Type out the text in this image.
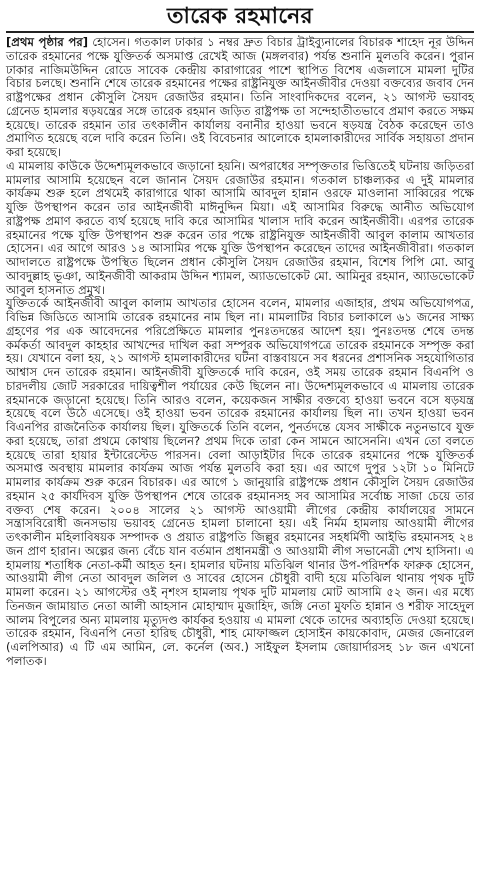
তারেক রহমানের

[প্রথম পৃষ্ঠার পর] হোসেন। গতকাল ঢাকার ১ নম্বর দ্রুত বিচার ট্রাইব্যুনালের বিচারক শাহেদ নূর উদ্দিন তারেক রহমানের পক্ষে যুক্তিতর্ক অসমাপ্ত রেখেই আজ (মঙ্গলবার) পর্যন্ত শুনানি মুলতবি করেন। পুরান ঢাকার নাজিমউদ্দিন রোডে সাবেক কেন্দ্রীয় কারাগারের পাশে স্থাপিত বিশেষ এজলাসে মামলা দুটির বিচার চলছে। শুনানি শেষে তারেক রহমানের পক্ষের রাষ্ট্রনিযুক্ত আইনজীবীর দেওয়া বক্তব্যের জবাব দেন রাষ্ট্রপক্ষের প্রধান কৌসুলি সৈয়দ রেজাউর রহমান। তিনি সাংবাদিকদের বলেন, ২১ আগস্ট ভয়াবহ গ্রেনেড হামলার ষড়যন্ত্রের সঙ্গে তারেক রহমান জড়িত রাষ্ট্রপক্ষ তা সন্দেহাতীতভাবে প্রমাণ করতে সক্ষম হয়েছে। তারেক রহমান তার তৎকালীন কার্যালয় বনানীর হাওয়া ভবনে ষড়যন্ত্র বৈঠক করেছেন তাও প্রমাণিত হয়েছে বলে দাবি করেন তিনি। ওই বিবেচনার আলোকে হামলাকারীদের সার্বিক সহায়তা প্রদান করা হয়েছে।

এ মামলায় কাউকে উদ্দেশ্যমূলকভাবে জড়ানো হয়নি। অপরাধের সম্পৃক্ততার ভিত্তিতেই ঘটনায় জড়িতরা মামলার আসামি হয়েছেন বলে জানান সৈয়দ রেজাউর রহমান। গতকাল চাঞ্চল্যকর এ দুই মামলার কার্যক্রম শুরু হলে প্রথমেই কারাগারে থাকা আসামি আবদুল হান্নান ওরফে মাওলানা সাব্বিরের পক্ষে যুক্তি উপস্থাপন করেন তার আইনজীবী মাঈনুদ্দিন মিয়া। এই আসামির বিরুদ্ধে আনীত অভিযোগ রাষ্ট্রপক্ষ প্রমাণ করতে ব্যর্থ হয়েছে দাবি করে আসামির খালাস দাবি করেন আইনজীবী। এরপর তারেক রহমানের পক্ষে যুক্তি উপস্থাপন শুরু করেন তার পক্ষে রাষ্ট্রনিযুক্ত আইনজীবী আবুল কালাম আখতার হোসেন। এর আগে আরও ১৪ আসামির পক্ষে যুক্তি উপস্থাপন করেছেন তাদের আইনজীবীরা। গতকাল আদালতে রাষ্ট্রপক্ষে উপস্থিত ছিলেন প্রধান কৌসুলি সৈয়দ রেজাউর রহমান, বিশেষ পিপি মো. আবু আবদুল্লাহ ভূঞা, আইনজীবী আকরাম উদ্দিন শ্যামল, অ্যাডভোকেট মো. আমিনুর রহমান, অ্যাডভোকেট আবুল হাসনাত প্রমুখ।

যুক্তিতর্কে আইনজীবী আবুল কালাম আখতার হোসেন বলেন, মামলার এজাহার, প্রথম অভিযোগপত্র, বিভিন্ন জিডিতে আসামি তারেক রহমানের নাম ছিল না। মামলাটির বিচার চলাকালে ৬১ জনের সাক্ষ্য গ্রহণের পর এক আবেদনের পরিপ্রেক্ষিতে মামলার পুনঃতদন্তের আদেশ হয়। পুনঃতদন্ত শেষে তদন্ত কর্মকর্তা আবদুল কাহহার আখন্দের দাখিল করা সম্পূরক অভিযোগপত্রে তারেক রহমানকে সম্পৃক্ত করা হয়। যেখানে বলা হয়, ২১ আগস্ট হামলাকারীদের ঘটনা বাস্তবায়নে সব ধরনের প্রশাসনিক সহযোগিতার আশ্বাস দেন তারেক রহমান। আইনজীবী যুক্তিতর্কে দাবি করেন, ওই সময় তারেক রহমান বিএনপি ও চারদলীয় জোট সরকারের দায়িত্বশীল পর্যায়ের কেউ ছিলেন না। উদ্দেশ্যমূলকভাবে এ মামলায় তারেক রহমানকে জড়ানো হয়েছে। তিনি আরও বলেন, কয়েকজন সাক্ষীর বক্তব্যে হাওয়া ভবনে বসে ষড়যন্ত্র হয়েছে বলে উঠে এসেছে। ওই হাওয়া ভবন তারেক রহমানের কার্যালয় ছিল না। তখন হাওয়া ভবন বিএনপির রাজনৈতিক কার্যালয় ছিল। যুক্তিতর্কে তিনি বলেন, পুনর্তদন্তে যেসব সাক্ষীকে নতুনভাবে যুক্ত করা হয়েছে, তারা প্রথমে কোথায় ছিলেন? প্রথম দিকে তারা কেন সামনে আসেননি। এখন তো বলতে হয়েছে তারা হায়ার ইন্টারেস্টেড পারসন। বেলা আড়াইটার দিকে তারেক রহমানের পক্ষে যুক্তিতর্ক অসমাপ্ত অবস্থায় মামলার কার্যক্রম আজ পর্যন্ত মুলতবি করা হয়। এর আগে দুপুর ১২টা ১০ মিনিটে মামলার কার্যক্রম শুরু করেন বিচারক। এর আগে ১ জানুয়ারি রাষ্ট্রপক্ষে প্রধান কৌসুলি সৈয়দ রেজাউর রহমান ২৫ কার্যদিবস যুক্তি উপস্থাপন শেষে তারেক রহমানসহ সব আসামির সর্বোচ্চ সাজা চেয়ে তার বক্তব্য শেষ করেন। ২০০৪ সালের ২১ আগস্ট আওয়ামী লীগের কেন্দ্রীয় কার্যালয়ের সামনে সন্ত্রাসবিরোধী জনসভায় ভয়াবহ গ্রেনেড হামলা চালানো হয়। এই নির্মম হামলায় আওয়ামী লীগের তৎকালীন মহিলাবিষয়ক সম্পাদক ও প্রয়াত রাষ্ট্রপতি জিল্লুর রহমানের সহধর্মিণী আইভি রহমানসহ ২৪ জন প্রাণ হারান। অল্পের জন্য বেঁচে যান বর্তমান প্রধানমন্ত্রী ও আওয়ামী লীগ সভানেত্রী শেখ হাসিনা। এ হামলায় শতাধিক নেতা-কর্মী আহত হন। হামলার ঘটনায় মতিঝিল থানার উপ-পরিদর্শক ফারুক হোসেন, আওয়ামী লীগ নেতা আবদুল জলিল ও সাবের হোসেন চৌধুরী বাদী হয়ে মতিঝিল থানায় পৃথক দুটি মামলা করেন। ২১ আগস্টের ওই নৃশংস হামলায় পৃথক দুটি মামলায় মোট আসামি ৫২ জন। এর মধ্যে তিনজন জামায়াত নেতা আলী আহসান মোহাম্মাদ মুজাহিদ, জঙ্গি নেতা মুফতি হান্নান ও শরীফ সাহেদুল আলম বিপুলের অন্য মামলায় মৃত্যুদণ্ড কার্যকর হওয়ায় এ মামলা থেকে তাদের অব্যাহতি দেওয়া হয়েছে। তারেক রহমান, বিএনপি নেতা হারিছ চৌধুরী, শাহ মোফাজ্জল হোসাইন কায়কোবাদ, মেজর জেনারেল (এলপিআর) এ টি এম আমিন, লে. কর্নেল (অব.) সাইফুল ইসলাম জোয়ার্দারসহ ১৮ জন এখনো পলাতক।
